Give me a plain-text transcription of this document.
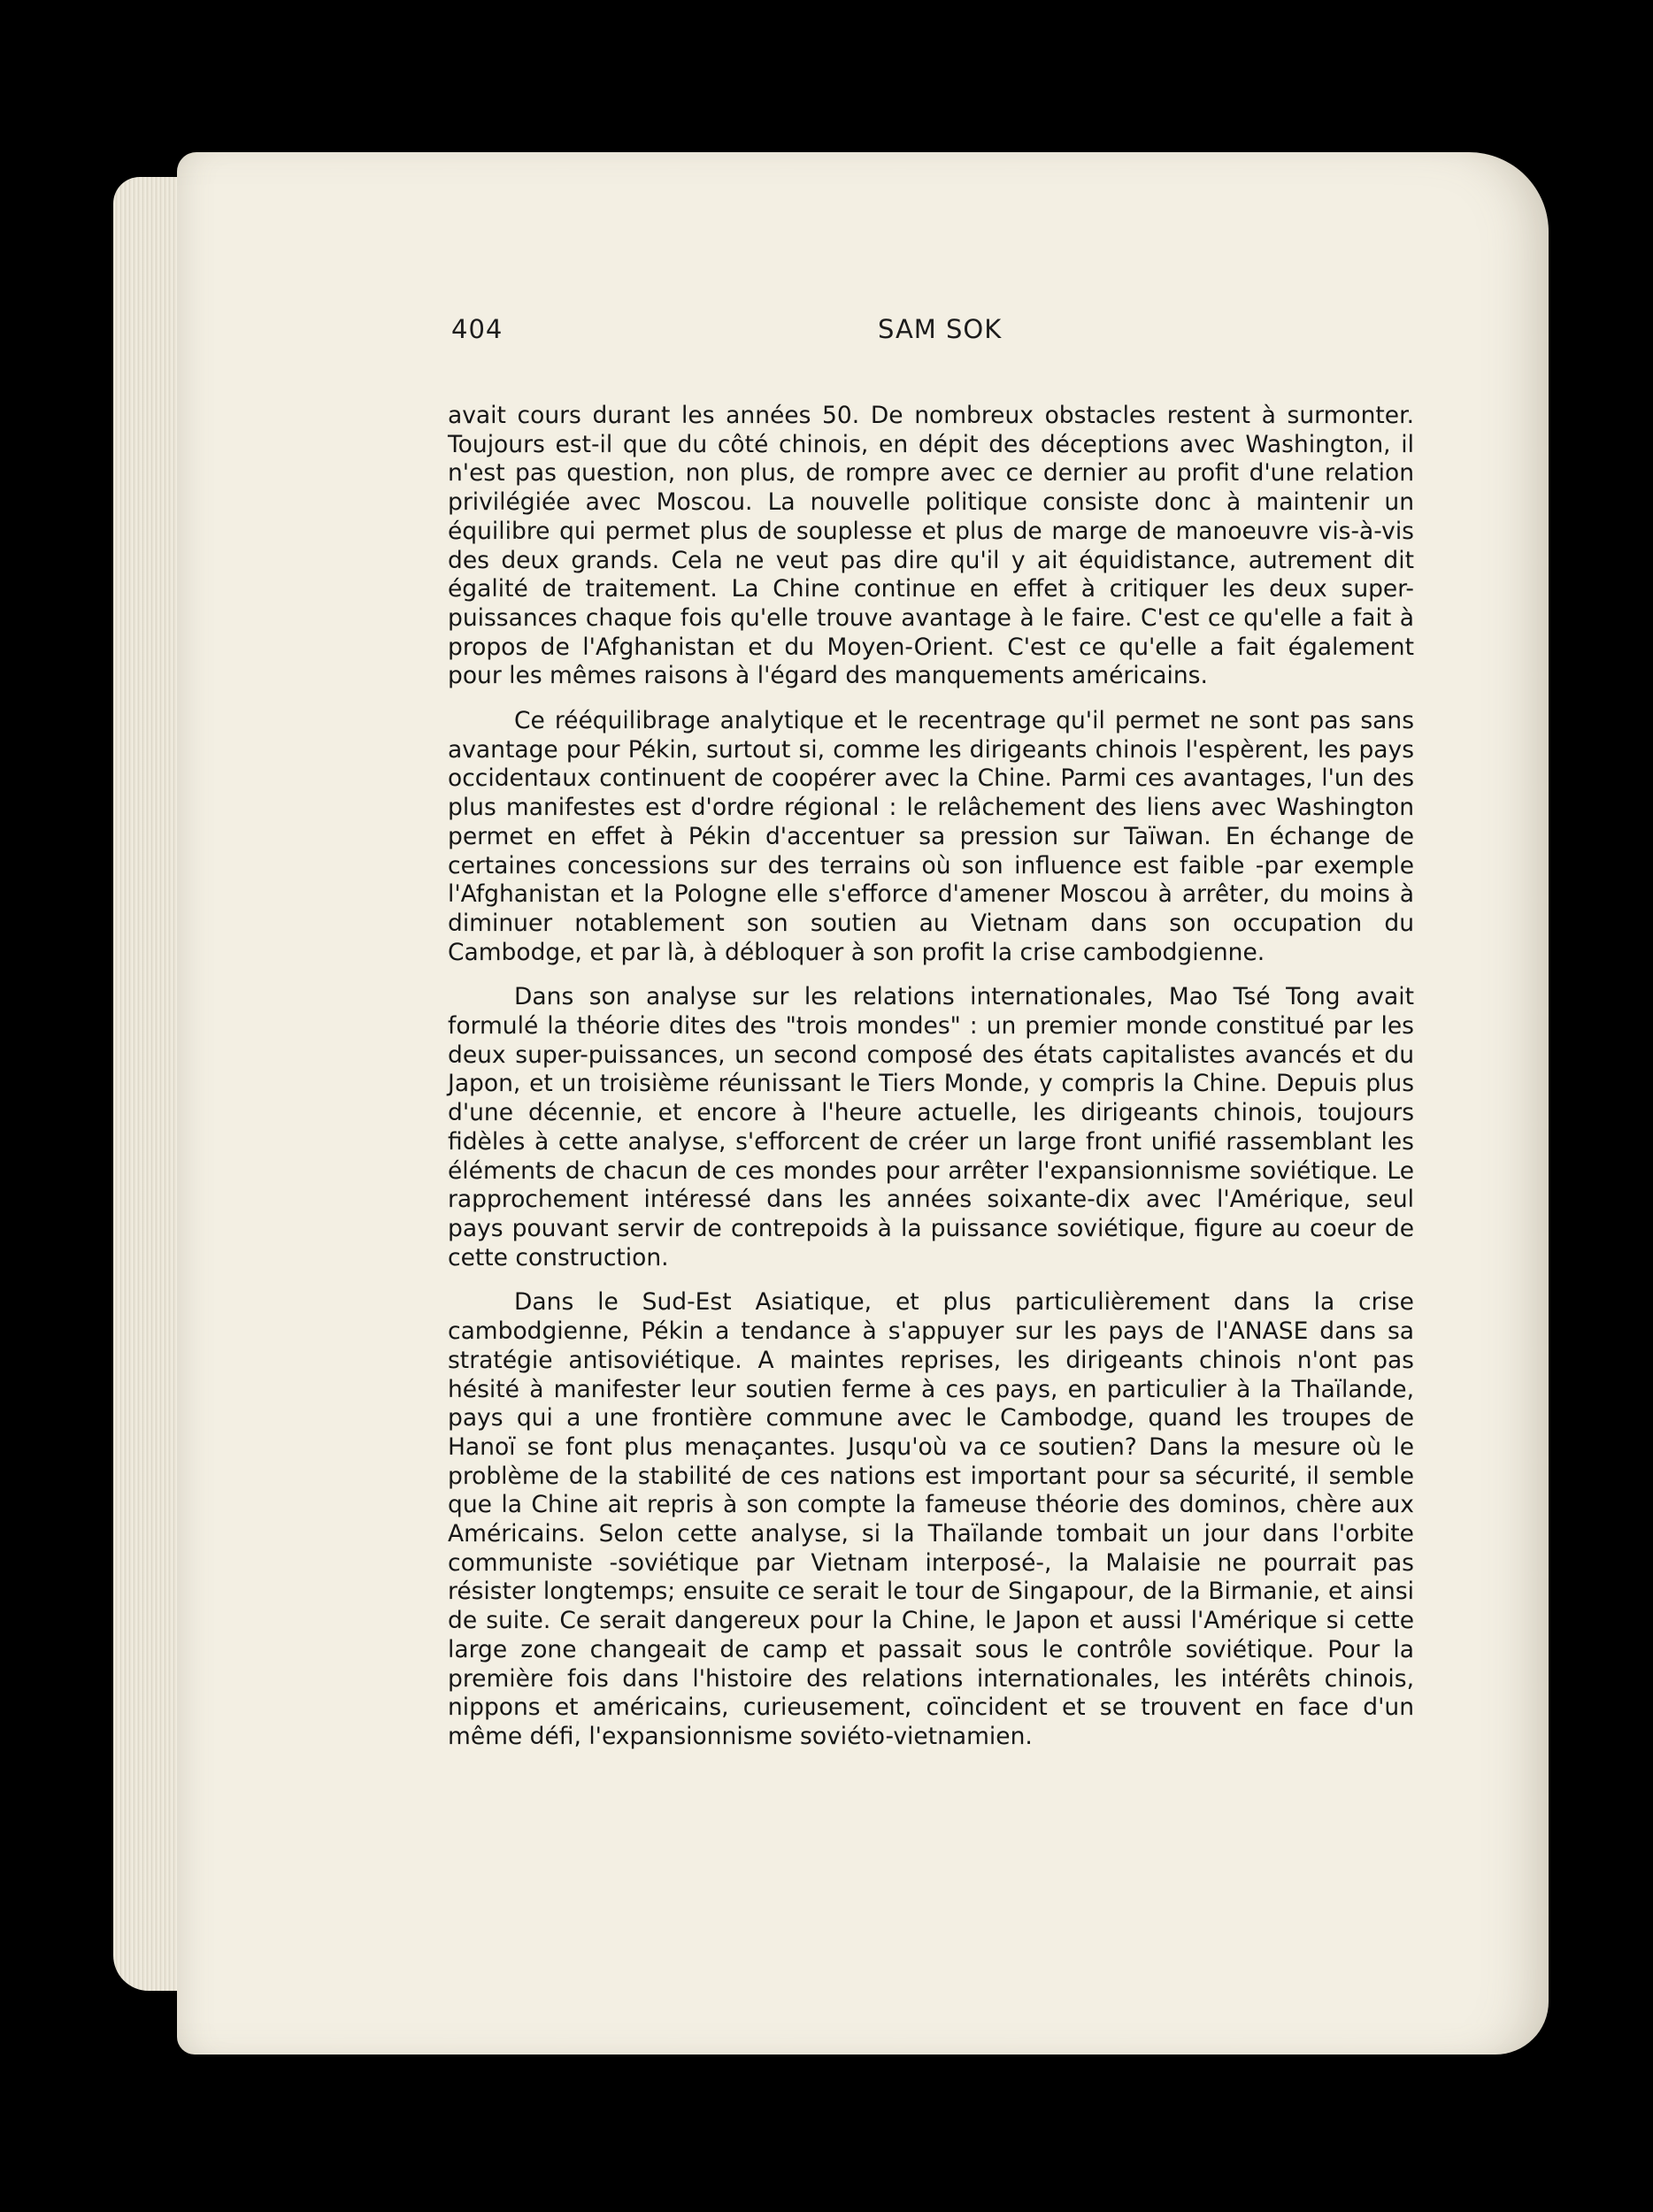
404	SAM SOK

avait cours durant les années 50. De nombreux obstacles restent à surmonter. Toujours est-il que du côté chinois, en dépit des déceptions avec Washington, il n'est pas question, non plus, de rompre avec ce dernier au profit d'une relation privilégiée avec Moscou. La nouvelle politique consiste donc à maintenir un équilibre qui permet plus de souplesse et plus de marge de manoeuvre vis-à-vis des deux grands. Cela ne veut pas dire qu'il y ait équidistance, autrement dit égalité de traitement. La Chine continue en effet à critiquer les deux super-puissances chaque fois qu'elle trouve avantage à le faire. C'est ce qu'elle a fait à propos de l'Afghanistan et du Moyen-Orient. C'est ce qu'elle a fait également pour les mêmes raisons à l'égard des manquements américains.

Ce rééquilibrage analytique et le recentrage qu'il permet ne sont pas sans avantage pour Pékin, surtout si, comme les dirigeants chinois l'espèrent, les pays occidentaux continuent de coopérer avec la Chine. Parmi ces avantages, l'un des plus manifestes est d'ordre régional : le relâchement des liens avec Washington permet en effet à Pékin d'accentuer sa pression sur Taïwan. En échange de certaines concessions sur des terrains où son influence est faible -par exemple l'Afghanistan et la Pologne elle s'efforce d'amener Moscou à arrêter, du moins à diminuer notablement son soutien au Vietnam dans son occupation du Cambodge, et par là, à débloquer à son profit la crise cambodgienne.

Dans son analyse sur les relations internationales, Mao Tsé Tong avait formulé la théorie dites des "trois mondes" : un premier monde constitué par les deux super-puissances, un second composé des états capitalistes avancés et du Japon, et un troisième réunissant le Tiers Monde, y compris la Chine. Depuis plus d'une décennie, et encore à l'heure actuelle, les dirigeants chinois, toujours fidèles à cette analyse, s'efforcent de créer un large front unifié rassemblant les éléments de chacun de ces mondes pour arrêter l'expansionnisme soviétique. Le rapprochement intéressé dans les années soixante-dix avec l'Amérique, seul pays pouvant servir de contrepoids à la puissance soviétique, figure au coeur de cette construction.

Dans le Sud-Est Asiatique, et plus particulièrement dans la crise cambodgienne, Pékin a tendance à s'appuyer sur les pays de l'ANASE dans sa stratégie antisoviétique. A maintes reprises, les dirigeants chinois n'ont pas hésité à manifester leur soutien ferme à ces pays, en particulier à la Thaïlande, pays qui a une frontière commune avec le Cambodge, quand les troupes de Hanoï se font plus menaçantes. Jusqu'où va ce soutien? Dans la mesure où le problème de la stabilité de ces nations est important pour sa sécurité, il semble que la Chine ait repris à son compte la fameuse théorie des dominos, chère aux Américains. Selon cette analyse, si la Thaïlande tombait un jour dans l'orbite communiste -soviétique par Vietnam interposé-, la Malaisie ne pourrait pas résister longtemps; ensuite ce serait le tour de Singapour, de la Birmanie, et ainsi de suite. Ce serait dangereux pour la Chine, le Japon et aussi l'Amérique si cette large zone changeait de camp et passait sous le contrôle soviétique. Pour la première fois dans l'histoire des relations internationales, les intérêts chinois, nippons et américains, curieusement, coïncident et se trouvent en face d'un même défi, l'expansionnisme soviéto-vietnamien.
